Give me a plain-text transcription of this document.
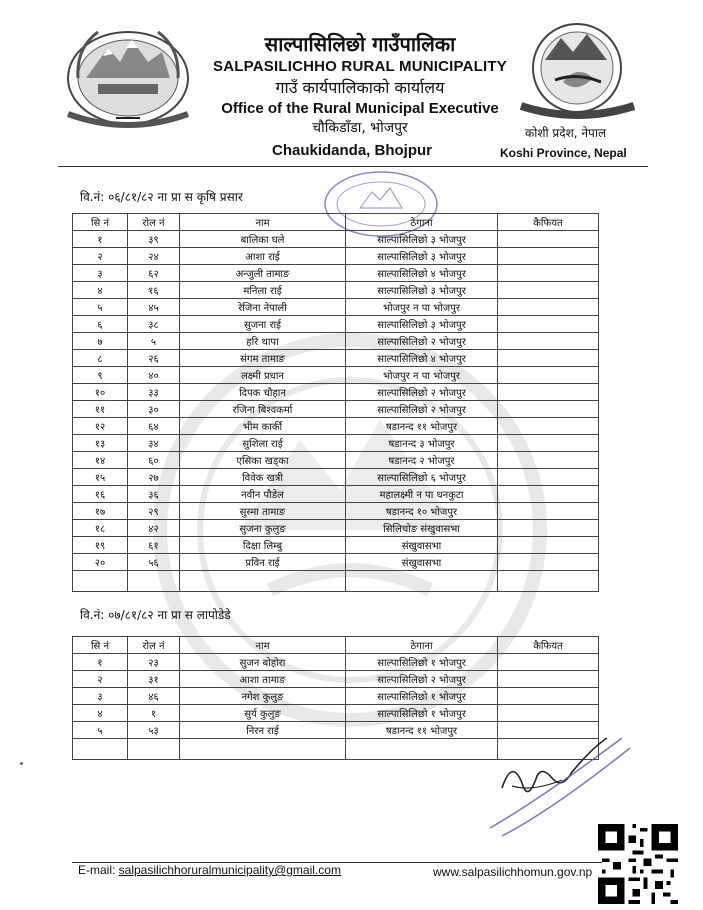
साल्पासिलिछो गाउँपालिका
SALPASILICHHO RURAL MUNICIPALITY
गाउँ कार्यपालिकाको कार्यालय
Office of the Rural Municipal Executive
चौकिडाँडा, भोजपुर
Chaukidanda, Bhojpur
कोशी प्रदेश, नेपाल
Koshi Province, Nepal
वि.नं: ०६/८१/८२ ना प्रा स कृषि प्रसार
सि नं	रोल नं	नाम	ठेगाना	कैफियत
१	३९	बालिका घले	साल्पासिलिछो ३ भोजपुर	
२	२४	आशा राई	साल्पासिलिछो ३ भोजपुर	
३	६२	अन्जुली तामाङ	साल्पासिलिछो ४ भोजपुर	
४	१६	मनिला राई	साल्पासिलिछो ३ भोजपुर	
५	४५	रेजिना नेपाली	भोजपुर न पा भोजपुर	
६	३८	सुजना राई	साल्पासिलिछो ३ भोजपुर	
७	५	हरि थापा	साल्पासिलिछो २ भोजपुर	
८	२६	संगम तामाङ	साल्पासिलिछो ४ भोजपुर	
९	४०	लक्ष्मी प्रधान	भोजपुर न पा भोजपुर	
१०	३३	दिपक चौहान	साल्पासिलिछो २ भोजपुर	
११	३०	रजिना बिश्वकर्मा	साल्पासिलिछो २ भोजपुर	
१२	६४	भीम कार्की	षडानन्द ११ भोजपुर	
१३	३४	सुशिला राई	षडानन्द ३ भोजपुर	
१४	६०	एसिका खड्का	षडानन्द २ भोजपुर	
१५	२७	विवेक खत्री	साल्पासिलिछो ६ भोजपुर	
१६	३६	नवीन पौडेल	महालक्ष्मी न पा धनकुटा	
१७	२९	सुस्मा तामाङ	षडानन्द १० भोजपुर	
१८	४२	सुजना कुलुङ	सिलिचोङ संखुवासभा	
१९	६१	दिक्षा लिम्बु	संखुवासभा	
२०	५६	प्रविन राई	संखुवासभा	

वि.नं: ०७/८१/८२ ना प्रा स लापोडेडे
सि नं	रोल नं	नाम	ठेगाना	कैफियत
१	२३	सुजन बोहोरा	साल्पासिलिछो १ भोजपुर	
२	३१	आशा तामाङ	साल्पासिलिछो २ भोजपुर	
३	४६	नगेश कुलुङ	साल्पासिलिछो १ भोजपुर	
४	१	सुर्य कुलुङ	साल्पासिलिछो १ भोजपुर	
५	५३	निरन राई	षडानन्द ११ भोजपुर	

E-mail: salpasilichhoruralmunicipality@gmail.com	www.salpasilichhomun.gov.np
